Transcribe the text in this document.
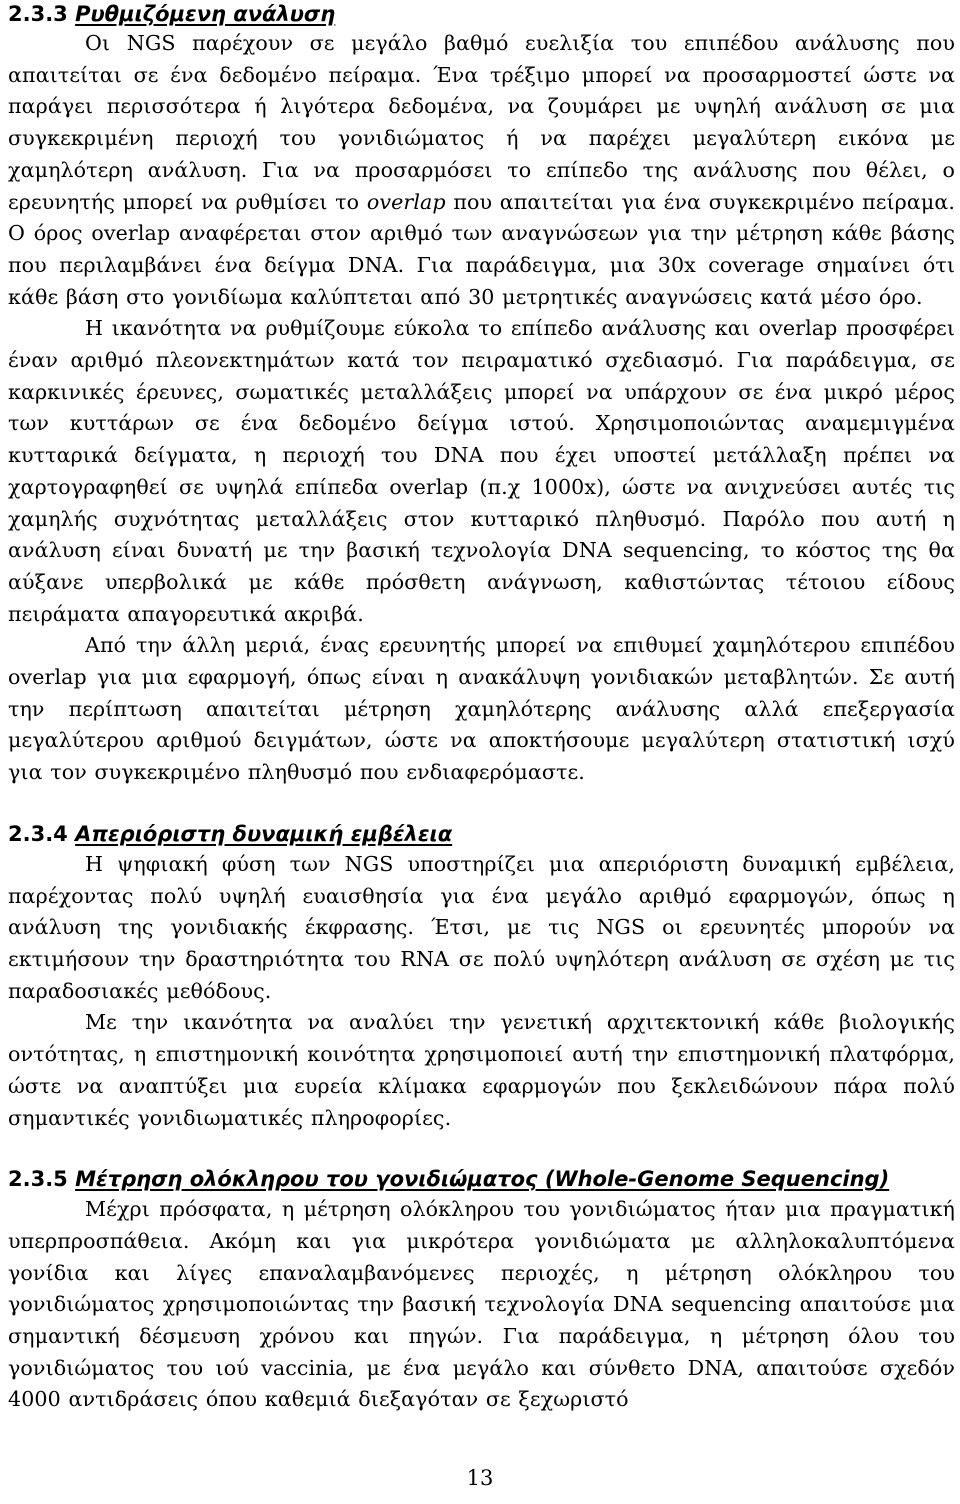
2.3.3 Ρυθμιζόμενη ανάλυση

Οι NGS παρέχουν σε μεγάλο βαθμό ευελιξία του επιπέδου ανάλυσης που απαιτείται σε ένα δεδομένο πείραμα. Ένα τρέξιμο μπορεί να προσαρμοστεί ώστε να παράγει περισσότερα ή λιγότερα δεδομένα, να ζουμάρει με υψηλή ανάλυση σε μια συγκεκριμένη περιοχή του γονιδιώματος ή να παρέχει μεγαλύτερη εικόνα με χαμηλότερη ανάλυση. Για να προσαρμόσει το επίπεδο της ανάλυσης που θέλει, ο ερευνητής μπορεί να ρυθμίσει το overlap που απαιτείται για ένα συγκεκριμένο πείραμα. Ο όρος overlap αναφέρεται στον αριθμό των αναγνώσεων για την μέτρηση κάθε βάσης που περιλαμβάνει ένα δείγμα DNA. Για παράδειγμα, μια 30x coverage σημαίνει ότι κάθε βάση στο γονιδίωμα καλύπτεται από 30 μετρητικές αναγνώσεις κατά μέσο όρο.

Η ικανότητα να ρυθμίζουμε εύκολα το επίπεδο ανάλυσης και overlap προσφέρει έναν αριθμό πλεονεκτημάτων κατά τον πειραματικό σχεδιασμό. Για παράδειγμα, σε καρκινικές έρευνες, σωματικές μεταλλάξεις μπορεί να υπάρχουν σε ένα μικρό μέρος των κυττάρων σε ένα δεδομένο δείγμα ιστού. Χρησιμοποιώντας αναμεμιγμένα κυτταρικά δείγματα, η περιοχή του DNA που έχει υποστεί μετάλλαξη πρέπει να χαρτογραφηθεί σε υψηλά επίπεδα overlap (π.χ 1000x), ώστε να ανιχνεύσει αυτές τις χαμηλής συχνότητας μεταλλάξεις στον κυτταρικό πληθυσμό. Παρόλο που αυτή η ανάλυση είναι δυνατή με την βασική τεχνολογία DNA sequencing, το κόστος της θα αύξανε υπερβολικά με κάθε πρόσθετη ανάγνωση, καθιστώντας τέτοιου είδους πειράματα απαγορευτικά ακριβά.

Από την άλλη μεριά, ένας ερευνητής μπορεί να επιθυμεί χαμηλότερου επιπέδου overlap για μια εφαρμογή, όπως είναι η ανακάλυψη γονιδιακών μεταβλητών. Σε αυτή την περίπτωση απαιτείται μέτρηση χαμηλότερης ανάλυσης αλλά επεξεργασία μεγαλύτερου αριθμού δειγμάτων, ώστε να αποκτήσουμε μεγαλύτερη στατιστική ισχύ για τον συγκεκριμένο πληθυσμό που ενδιαφερόμαστε.

2.3.4 Απεριόριστη δυναμική εμβέλεια

Η ψηφιακή φύση των NGS υποστηρίζει μια απεριόριστη δυναμική εμβέλεια, παρέχοντας πολύ υψηλή ευαισθησία για ένα μεγάλο αριθμό εφαρμογών, όπως η ανάλυση της γονιδιακής έκφρασης. Έτσι, με τις NGS οι ερευνητές μπορούν να εκτιμήσουν την δραστηριότητα του RNA σε πολύ υψηλότερη ανάλυση σε σχέση με τις παραδοσιακές μεθόδους.

Με την ικανότητα να αναλύει την γενετική αρχιτεκτονική κάθε βιολογικής οντότητας, η επιστημονική κοινότητα χρησιμοποιεί αυτή την επιστημονική πλατφόρμα, ώστε να αναπτύξει μια ευρεία κλίμακα εφαρμογών που ξεκλειδώνουν πάρα πολύ σημαντικές γονιδιωματικές πληροφορίες.

2.3.5 Μέτρηση ολόκληρου του γονιδιώματος (Whole-Genome Sequencing)

Μέχρι πρόσφατα, η μέτρηση ολόκληρου του γονιδιώματος ήταν μια πραγματική υπερπροσπάθεια. Ακόμη και για μικρότερα γονιδιώματα με αλληλοκαλυπτόμενα γονίδια και λίγες επαναλαμβανόμενες περιοχές, η μέτρηση ολόκληρου του γονιδιώματος χρησιμοποιώντας την βασική τεχνολογία DNA sequencing απαιτούσε μια σημαντική δέσμευση χρόνου και πηγών. Για παράδειγμα, η μέτρηση όλου του γονιδιώματος του ιού vaccinia, με ένα μεγάλο και σύνθετο DNA, απαιτούσε σχεδόν 4000 αντιδράσεις όπου καθεμιά διεξαγόταν σε ξεχωριστό

13
